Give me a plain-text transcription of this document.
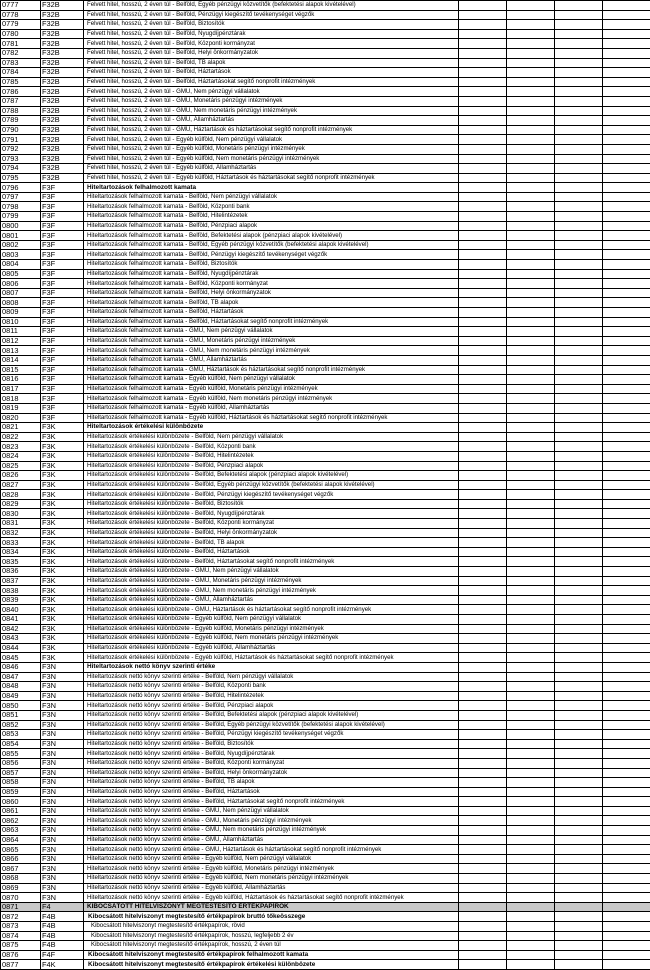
0777	F32B	Felvett hitel, hosszú, 2 éven túl - Belföld, Egyéb pénzügyi közvetítők (befektetési alapok kivételével)				
0778	F32B	Felvett hitel, hosszú, 2 éven túl - Belföld, Pénzügyi kiegészítő tevékenységet végzők				
0779	F32B	Felvett hitel, hosszú, 2 éven túl - Belföld, Biztosítók				
0780	F32B	Felvett hitel, hosszú, 2 éven túl - Belföld, Nyugdíjpénztárak				
0781	F32B	Felvett hitel, hosszú, 2 éven túl - Belföld, Központi kormányzat				
0782	F32B	Felvett hitel, hosszú, 2 éven túl - Belföld, Helyi önkormányzatok				
0783	F32B	Felvett hitel, hosszú, 2 éven túl - Belföld, TB alapok				
0784	F32B	Felvett hitel, hosszú, 2 éven túl - Belföld, Háztartások				
0785	F32B	Felvett hitel, hosszú, 2 éven túl - Belföld, Háztartásokat segítő nonprofit intézmények				
0786	F32B	Felvett hitel, hosszú, 2 éven túl - GMU, Nem pénzügyi vállalatok				
0787	F32B	Felvett hitel, hosszú, 2 éven túl - GMU, Monetáris pénzügyi intézmények				
0788	F32B	Felvett hitel, hosszú, 2 éven túl - GMU, Nem monetáris pénzügyi intézmények				
0789	F32B	Felvett hitel, hosszú, 2 éven túl - GMU, Államháztartás				
0790	F32B	Felvett hitel, hosszú, 2 éven túl - GMU, Háztartások és háztartásokat segítő nonprofit intézmények				
0791	F32B	Felvett hitel, hosszú, 2 éven túl - Egyéb külföld, Nem pénzügyi vállalatok				
0792	F32B	Felvett hitel, hosszú, 2 éven túl - Egyéb külföld, Monetáris pénzügyi intézmények				
0793	F32B	Felvett hitel, hosszú, 2 éven túl - Egyéb külföld, Nem monetáris pénzügyi intézmények				
0794	F32B	Felvett hitel, hosszú, 2 éven túl - Egyéb külföld, Államháztartás				
0795	F32B	Felvett hitel, hosszú, 2 éven túl - Egyéb külföld, Háztartások és háztartásokat segítő nonprofit intézmények				
0796	F3F	Hiteltartozások felhalmozott kamata				
0797	F3F	Hiteltartozások felhalmozott kamata - Belföld, Nem pénzügyi vállalatok				
0798	F3F	Hiteltartozások felhalmozott kamata - Belföld, Központi bank				
0799	F3F	Hiteltartozások felhalmozott kamata - Belföld, Hitelintézetek				
0800	F3F	Hiteltartozások felhalmozott kamata - Belföld, Pénzpiaci alapok				
0801	F3F	Hiteltartozások felhalmozott kamata - Belföld, Befektetési alapok (pénzpiaci alapok kivételével)				
0802	F3F	Hiteltartozások felhalmozott kamata - Belföld, Egyéb pénzügyi közvetítők (befektetési alapok kivételével)				
0803	F3F	Hiteltartozások felhalmozott kamata - Belföld, Pénzügyi kiegészítő tevékenységet végzők				
0804	F3F	Hiteltartozások felhalmozott kamata - Belföld, Biztosítók				
0805	F3F	Hiteltartozások felhalmozott kamata - Belföld, Nyugdíjpénztárak				
0806	F3F	Hiteltartozások felhalmozott kamata - Belföld, Központi kormányzat				
0807	F3F	Hiteltartozások felhalmozott kamata - Belföld, Helyi önkormányzatok				
0808	F3F	Hiteltartozások felhalmozott kamata - Belföld, TB alapok				
0809	F3F	Hiteltartozások felhalmozott kamata - Belföld, Háztartások				
0810	F3F	Hiteltartozások felhalmozott kamata - Belföld, Háztartásokat segítő nonprofit intézmények				
0811	F3F	Hiteltartozások felhalmozott kamata - GMU, Nem pénzügyi vállalatok				
0812	F3F	Hiteltartozások felhalmozott kamata - GMU, Monetáris pénzügyi intézmények				
0813	F3F	Hiteltartozások felhalmozott kamata - GMU, Nem monetáris pénzügyi intézmények				
0814	F3F	Hiteltartozások felhalmozott kamata - GMU, Államháztartás				
0815	F3F	Hiteltartozások felhalmozott kamata - GMU, Háztartások és háztartásokat segítő nonprofit intézmények				
0816	F3F	Hiteltartozások felhalmozott kamata - Egyéb külföld, Nem pénzügyi vállalatok				
0817	F3F	Hiteltartozások felhalmozott kamata - Egyéb külföld, Monetáris pénzügyi intézmények				
0818	F3F	Hiteltartozások felhalmozott kamata - Egyéb külföld, Nem monetáris pénzügyi intézmények				
0819	F3F	Hiteltartozások felhalmozott kamata - Egyéb külföld, Államháztartás				
0820	F3F	Hiteltartozások felhalmozott kamata - Egyéb külföld, Háztartások és háztartásokat segítő nonprofit intézmények				
0821	F3K	Hiteltartozások értékelési különbözete				
0822	F3K	Hiteltartozások értékelési különbözete - Belföld, Nem pénzügyi vállalatok				
0823	F3K	Hiteltartozások értékelési különbözete - Belföld, Központi bank				
0824	F3K	Hiteltartozások értékelési különbözete - Belföld, Hitelintézetek				
0825	F3K	Hiteltartozások értékelési különbözete - Belföld, Pénzpiaci alapok				
0826	F3K	Hiteltartozások értékelési különbözete - Belföld, Befektetési alapok (pénzpiaci alapok kivételével)				
0827	F3K	Hiteltartozások értékelési különbözete - Belföld, Egyéb pénzügyi közvetítők (befektetési alapok kivételével)				
0828	F3K	Hiteltartozások értékelési különbözete - Belföld, Pénzügyi kiegészítő tevékenységet végzők				
0829	F3K	Hiteltartozások értékelési különbözete - Belföld, Biztosítók				
0830	F3K	Hiteltartozások értékelési különbözete - Belföld, Nyugdíjpénztárak				
0831	F3K	Hiteltartozások értékelési különbözete - Belföld, Központi kormányzat				
0832	F3K	Hiteltartozások értékelési különbözete - Belföld, Helyi önkormányzatok				
0833	F3K	Hiteltartozások értékelési különbözete - Belföld, TB alapok				
0834	F3K	Hiteltartozások értékelési különbözete - Belföld, Háztartások				
0835	F3K	Hiteltartozások értékelési különbözete - Belföld, Háztartásokat segítő nonprofit intézmények				
0836	F3K	Hiteltartozások értékelési különbözete - GMU, Nem pénzügyi vállalatok				
0837	F3K	Hiteltartozások értékelési különbözete - GMU, Monetáris pénzügyi intézmények				
0838	F3K	Hiteltartozások értékelési különbözete - GMU, Nem monetáris pénzügyi intézmények				
0839	F3K	Hiteltartozások értékelési különbözete - GMU, Államháztartás				
0840	F3K	Hiteltartozások értékelési különbözete - GMU, Háztartások és háztartásokat segítő nonprofit intézmények				
0841	F3K	Hiteltartozások értékelési különbözete - Egyéb külföld, Nem pénzügyi vállalatok				
0842	F3K	Hiteltartozások értékelési különbözete - Egyéb külföld, Monetáris pénzügyi intézmények				
0843	F3K	Hiteltartozások értékelési különbözete - Egyéb külföld, Nem monetáris pénzügyi intézmények				
0844	F3K	Hiteltartozások értékelési különbözete - Egyéb külföld, Államháztartás				
0845	F3K	Hiteltartozások értékelési különbözete - Egyéb külföld, Háztartások és háztartásokat segítő nonprofit intézmények				
0846	F3N	Hiteltartozások nettó könyv szerinti értéke				
0847	F3N	Hiteltartozások nettó könyv szerinti értéke - Belföld, Nem pénzügyi vállalatok				
0848	F3N	Hiteltartozások nettó könyv szerinti értéke - Belföld, Központi bank				
0849	F3N	Hiteltartozások nettó könyv szerinti értéke - Belföld, Hitelintézetek				
0850	F3N	Hiteltartozások nettó könyv szerinti értéke - Belföld, Pénzpiaci alapok				
0851	F3N	Hiteltartozások nettó könyv szerinti értéke - Belföld, Befektetési alapok (pénzpiaci alapok kivételével)				
0852	F3N	Hiteltartozások nettó könyv szerinti értéke - Belföld, Egyéb pénzügyi közvetítők (befektetési alapok kivételével)				
0853	F3N	Hiteltartozások nettó könyv szerinti értéke - Belföld, Pénzügyi kiegészítő tevékenységet végzők				
0854	F3N	Hiteltartozások nettó könyv szerinti értéke - Belföld, Biztosítók				
0855	F3N	Hiteltartozások nettó könyv szerinti értéke - Belföld, Nyugdíjpénztárak				
0856	F3N	Hiteltartozások nettó könyv szerinti értéke - Belföld, Központi kormányzat				
0857	F3N	Hiteltartozások nettó könyv szerinti értéke - Belföld, Helyi önkormányzatok				
0858	F3N	Hiteltartozások nettó könyv szerinti értéke - Belföld, TB alapok				
0859	F3N	Hiteltartozások nettó könyv szerinti értéke - Belföld, Háztartások				
0860	F3N	Hiteltartozások nettó könyv szerinti értéke - Belföld, Háztartásokat segítő nonprofit intézmények				
0861	F3N	Hiteltartozások nettó könyv szerinti értéke - GMU, Nem pénzügyi vállalatok				
0862	F3N	Hiteltartozások nettó könyv szerinti értéke - GMU, Monetáris pénzügyi intézmények				
0863	F3N	Hiteltartozások nettó könyv szerinti értéke - GMU, Nem monetáris pénzügyi intézmények				
0864	F3N	Hiteltartozások nettó könyv szerinti értéke - GMU, Államháztartás				
0865	F3N	Hiteltartozások nettó könyv szerinti értéke - GMU, Háztartások és háztartásokat segítő nonprofit intézmények				
0866	F3N	Hiteltartozások nettó könyv szerinti értéke - Egyéb külföld, Nem pénzügyi vállalatok				
0867	F3N	Hiteltartozások nettó könyv szerinti értéke - Egyéb külföld, Monetáris pénzügyi intézmények				
0868	F3N	Hiteltartozások nettó könyv szerinti értéke - Egyéb külföld, Nem monetáris pénzügyi intézmények				
0869	F3N	Hiteltartozások nettó könyv szerinti értéke - Egyéb külföld, Államháztartás				
0870	F3N	Hiteltartozások nettó könyv szerinti értéke - Egyéb külföld, Háztartások és háztartásokat segítő nonprofit intézmények				
0871	F4	KIBOCSÁTOTT HITELVISZONYT MEGTESTESÍTŐ ÉRTÉKPAPÍROK				
0872	F4B	Kibocsátott hitelviszonyt megtestesítő értékpapírok bruttó tőkeösszege				
0873	F4B	Kibocsátott hitelviszonyt megtestesítő értékpapírok, rövid				
0874	F4B	Kibocsátott hitelviszonyt megtestesítő értékpapírok, hosszú, legfeljebb 2 év				
0875	F4B	Kibocsátott hitelviszonyt megtestesítő értékpapírok, hosszú, 2 éven túl				
0876	F4F	Kibocsátott hitelviszonyt megtestesítő értékpapírok felhalmozott kamata				
0877	F4K	Kibocsátott hitelviszonyt megtestesítő értékpapírok értékelési különbözete				
